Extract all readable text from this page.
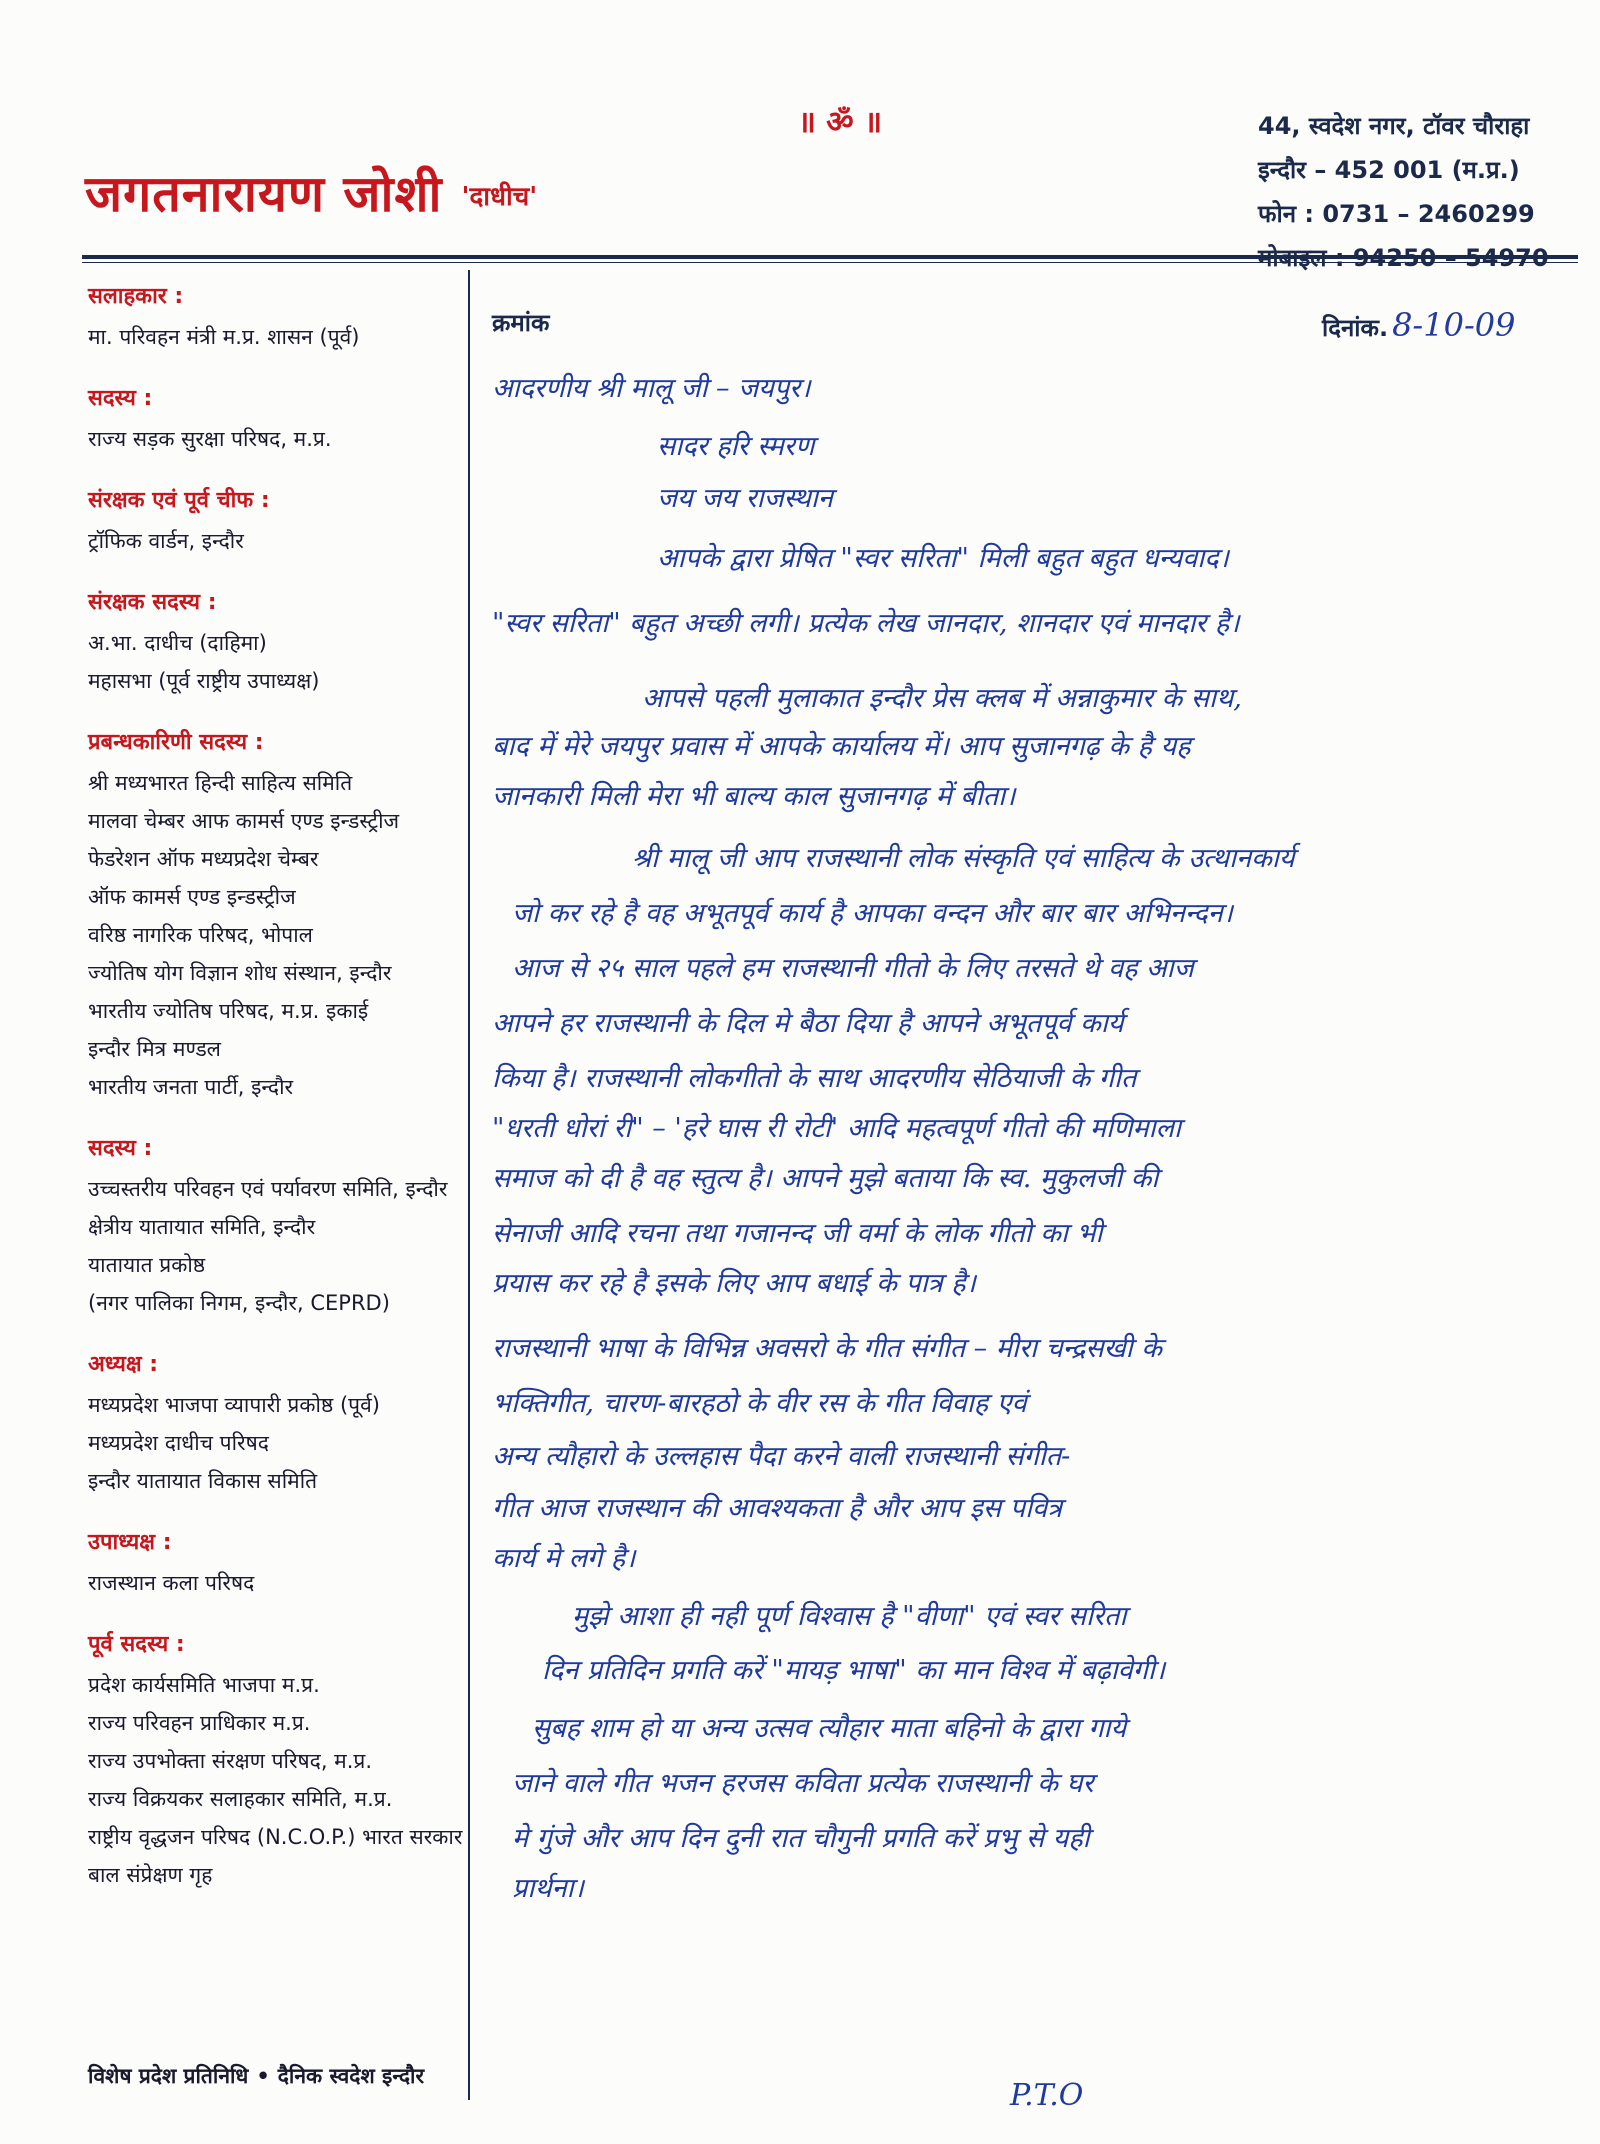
॥ ॐ ॥
जगतनारायण जोशी 'दाधीच'
44, स्वदेश नगर, टॉवर चौराहा
इन्दौर – 452 001 (म.प्र.)
फोन : 0731 – 2460299
मोबाइल : 94250 – 54970
सलाहकार :
मा. परिवहन मंत्री म.प्र. शासन (पूर्व)
सदस्य :
राज्य सड़क सुरक्षा परिषद, म.प्र.
संरक्षक एवं पूर्व चीफ :
ट्रॉफिक वार्डन, इन्दौर
संरक्षक सदस्य :
अ.भा. दाधीच (दाहिमा)
महासभा (पूर्व राष्ट्रीय उपाध्यक्ष)
प्रबन्धकारिणी सदस्य :
श्री मध्यभारत हिन्दी साहित्य समिति
मालवा चेम्बर आफ कामर्स एण्ड इन्डस्ट्रीज
फेडरेशन ऑफ मध्यप्रदेश चेम्बर
ऑफ कामर्स एण्ड इन्डस्ट्रीज
वरिष्ठ नागरिक परिषद, भोपाल
ज्योतिष योग विज्ञान शोध संस्थान, इन्दौर
भारतीय ज्योतिष परिषद, म.प्र. इकाई
इन्दौर मित्र मण्डल
भारतीय जनता पार्टी, इन्दौर
सदस्य :
उच्चस्तरीय परिवहन एवं पर्यावरण समिति, इन्दौर
क्षेत्रीय यातायात समिति, इन्दौर
यातायात प्रकोष्ठ
(नगर पालिका निगम, इन्दौर, CEPRD)
अध्यक्ष :
मध्यप्रदेश भाजपा व्यापारी प्रकोष्ठ (पूर्व)
मध्यप्रदेश दाधीच परिषद
इन्दौर यातायात विकास समिति
उपाध्यक्ष :
राजस्थान कला परिषद
पूर्व सदस्य :
प्रदेश कार्यसमिति भाजपा म.प्र.
राज्य परिवहन प्राधिकार म.प्र.
राज्य उपभोक्ता संरक्षण परिषद, म.प्र.
राज्य विक्रयकर सलाहकार समिति, म.प्र.
राष्ट्रीय वृद्धजन परिषद (N.C.O.P.) भारत सरकार
बाल संप्रेक्षण गृह
विशेष प्रदेश प्रतिनिधि • दैनिक स्वदेश इन्दौर
क्रमांक	दिनांक. 8-10-09
आदरणीय श्री मालू जी – जयपुर।
सादर हरि स्मरण
जय जय राजस्थान
आपके द्वारा प्रेषित "स्वर सरिता" मिली बहुत बहुत धन्यवाद।
"स्वर सरिता" बहुत अच्छी लगी। प्रत्येक लेख जानदार, शानदार एवं मानदार है।
आपसे पहली मुलाकात इन्दौर प्रेस क्लब में अन्नाकुमार के साथ,
बाद में मेरे जयपुर प्रवास में आपके कार्यालय में। आप सुजानगढ़ के है यह
जानकारी मिली मेरा भी बाल्य काल सुजानगढ़ में बीता।
श्री मालू जी आप राजस्थानी लोक संस्कृति एवं साहित्य के उत्थानकार्य
जो कर रहे है वह अभूतपूर्व कार्य है आपका वन्दन और बार बार अभिनन्दन।
आज से २५ साल पहले हम राजस्थानी गीतो के लिए तरसते थे वह आज
आपने हर राजस्थानी के दिल मे बैठा दिया है आपने अभूतपूर्व कार्य
किया है। राजस्थानी लोकगीतो के साथ आदरणीय सेठियाजी के गीत
"धरती धोरां री" – 'हरे घास री रोटी' आदि महत्वपूर्ण गीतो की मणिमाला
समाज को दी है वह स्तुत्य है। आपने मुझे बताया कि स्व. मुकुलजी की
सेनाजी आदि रचना तथा गजानन्द जी वर्मा के लोक गीतो का भी
प्रयास कर रहे है इसके लिए आप बधाई के पात्र है।
राजस्थानी भाषा के विभिन्न अवसरो के गीत संगीत – मीरा चन्द्रसखी के
भक्तिगीत, चारण-बारहठो के वीर रस के गीत विवाह एवं
अन्य त्यौहारो के उल्लहास पैदा करने वाली राजस्थानी संगीत-
गीत आज राजस्थान की आवश्यकता है और आप इस पवित्र
कार्य मे लगे है।
मुझे आशा ही नही पूर्ण विश्वास है "वीणा" एवं स्वर सरिता
दिन प्रतिदिन प्रगति करें "मायड़ भाषा" का मान विश्व में बढ़ावेगी।
सुबह शाम हो या अन्य उत्सव त्यौहार माता बहिनो के द्वारा गाये
जाने वाले गीत भजन हरजस कविता प्रत्येक राजस्थानी के घर
मे गुंजे और आप दिन दुनी रात चौगुनी प्रगति करें प्रभु से यही
प्रार्थना।
P.T.O
